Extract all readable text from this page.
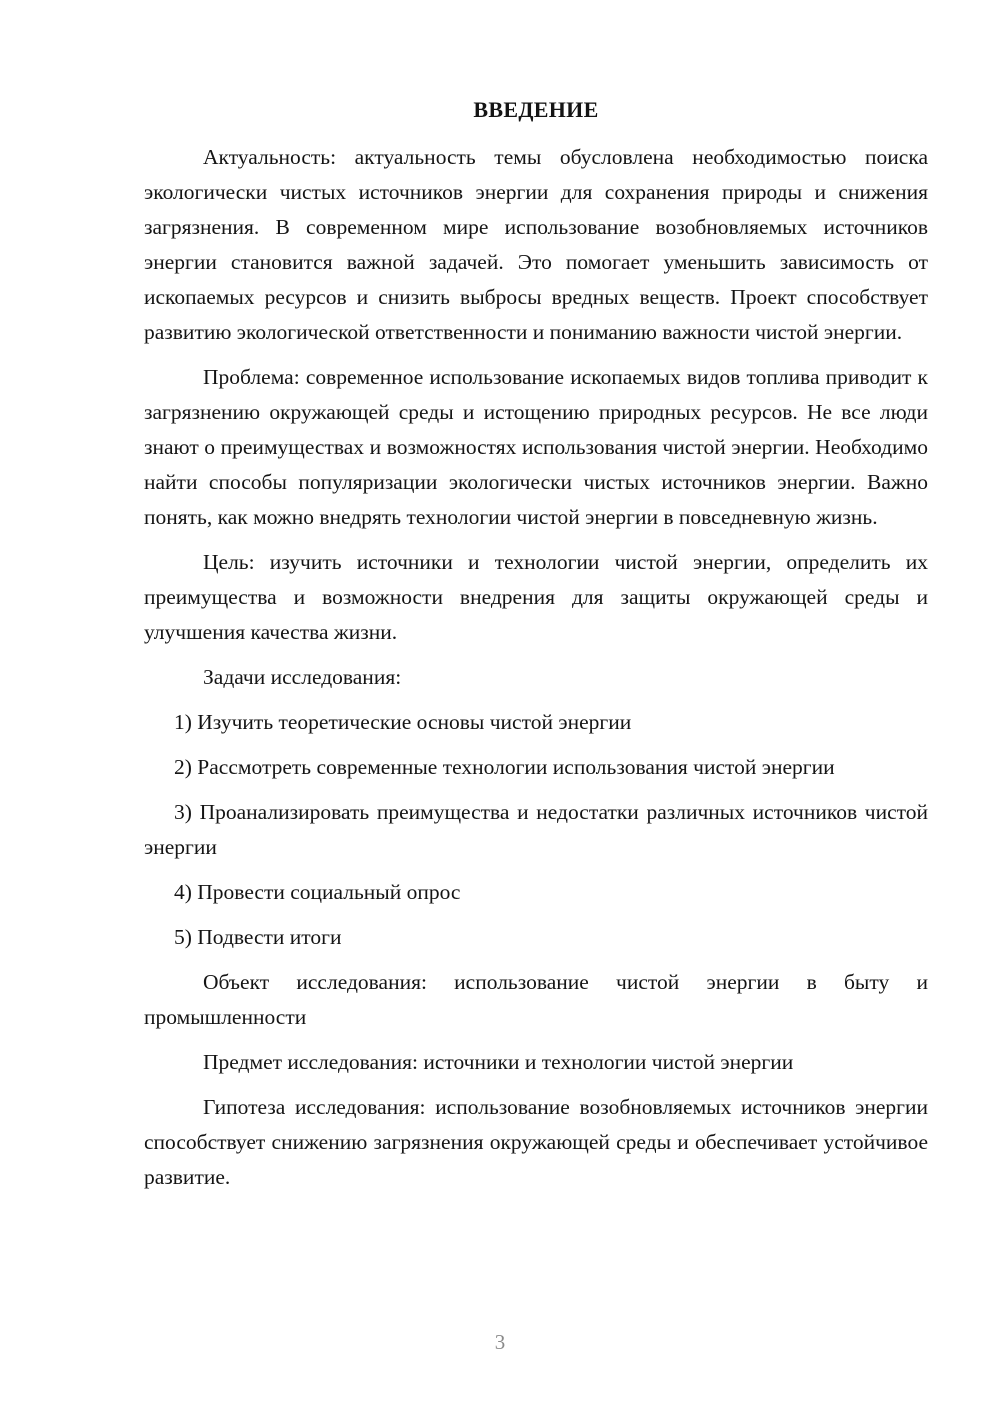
ВВЕДЕНИЕ

Актуальность: актуальность темы обусловлена необходимостью поиска экологически чистых источников энергии для сохранения природы и снижения загрязнения. В современном мире использование возобновляемых источников энергии становится важной задачей. Это помогает уменьшить зависимость от ископаемых ресурсов и снизить выбросы вредных веществ. Проект способствует развитию экологической ответственности и пониманию важности чистой энергии.

Проблема: современное использование ископаемых видов топлива приводит к загрязнению окружающей среды и истощению природных ресурсов. Не все люди знают о преимуществах и возможностях использования чистой энергии. Необходимо найти способы популяризации экологически чистых источников энергии. Важно понять, как можно внедрять технологии чистой энергии в повседневную жизнь.

Цель: изучить источники и технологии чистой энергии, определить их преимущества и возможности внедрения для защиты окружающей среды и улучшения качества жизни.

Задачи исследования:

1) Изучить теоретические основы чистой энергии

2) Рассмотреть современные технологии использования чистой энергии

3) Проанализировать преимущества и недостатки различных источников чистой энергии

4) Провести социальный опрос

5) Подвести итоги

Объект исследования: использование чистой энергии в быту и промышленности

Предмет исследования: источники и технологии чистой энергии

Гипотеза исследования: использование возобновляемых источников энергии способствует снижению загрязнения окружающей среды и обеспечивает устойчивое развитие.

3
